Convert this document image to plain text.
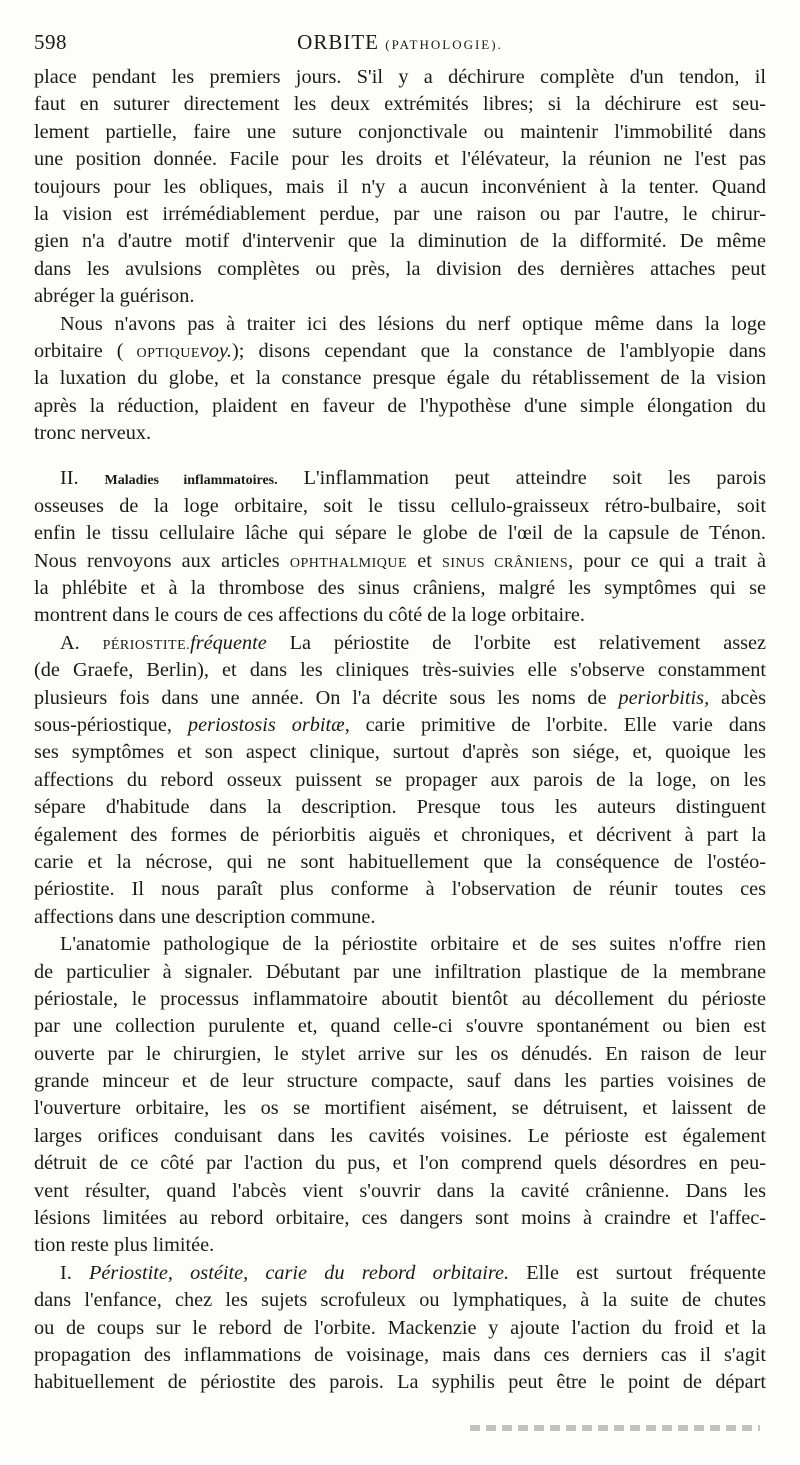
598	ORBITE (PATHOLOGIE).
place pendant les premiers jours. S'il y a déchirure complète d'un tendon, il
faut en suturer directement les deux extrémités libres; si la déchirure est seu-
lement partielle, faire une suture conjonctivale ou maintenir l'immobilité dans
une position donnée. Facile pour les droits et l'élévateur, la réunion ne l'est pas
toujours pour les obliques, mais il n'y a aucun inconvénient à la tenter. Quand
la vision est irrémédiablement perdue, par une raison ou par l'autre, le chirur-
gien n'a d'autre motif d'intervenir que la diminution de la difformité. De même
dans les avulsions complètes ou près, la division des dernières attaches peut
abréger la guérison.
Nous n'avons pas à traiter ici des lésions du nerf optique même dans la loge
orbitaire ( OPTIQUEvoy.); disons cependant que la constance de l'amblyopie dans
la luxation du globe, et la constance presque égale du rétablissement de la vision
après la réduction, plaident en faveur de l'hypothèse d'une simple élongation du
tronc nerveux.
II. Maladies inflammatoires. L'inflammation peut atteindre soit les parois
osseuses de la loge orbitaire, soit le tissu cellulo-graisseux rétro-bulbaire, soit
enfin le tissu cellulaire lâche qui sépare le globe de l'œil de la capsule de Ténon.
Nous renvoyons aux articles OPHTHALMIQUE et SINUS CRÂNIENS, pour ce qui a trait à
la phlébite et à la thrombose des sinus crâniens, malgré les symptômes qui se
montrent dans le cours de ces affections du côté de la loge orbitaire.
A. PÉRIOSTITE.fréquente La périostite de l'orbite est relativement assez
(de Graefe, Berlin), et dans les cliniques très-suivies elle s'observe constamment
plusieurs fois dans une année. On l'a décrite sous les noms de periorbitis, abcès
sous-périostique, periostosis orbitæ, carie primitive de l'orbite. Elle varie dans
ses symptômes et son aspect clinique, surtout d'après son siége, et, quoique les
affections du rebord osseux puissent se propager aux parois de la loge, on les
sépare d'habitude dans la description. Presque tous les auteurs distinguent
également des formes de périorbitis aiguës et chroniques, et décrivent à part la
carie et la nécrose, qui ne sont habituellement que la conséquence de l'ostéo-
périostite. Il nous paraît plus conforme à l'observation de réunir toutes ces
affections dans une description commune.
L'anatomie pathologique de la périostite orbitaire et de ses suites n'offre rien
de particulier à signaler. Débutant par une infiltration plastique de la membrane
périostale, le processus inflammatoire aboutit bientôt au décollement du périoste
par une collection purulente et, quand celle-ci s'ouvre spontanément ou bien est
ouverte par le chirurgien, le stylet arrive sur les os dénudés. En raison de leur
grande minceur et de leur structure compacte, sauf dans les parties voisines de
l'ouverture orbitaire, les os se mortifient aisément, se détruisent, et laissent de
larges orifices conduisant dans les cavités voisines. Le périoste est également
détruit de ce côté par l'action du pus, et l'on comprend quels désordres en peu-
vent résulter, quand l'abcès vient s'ouvrir dans la cavité crânienne. Dans les
lésions limitées au rebord orbitaire, ces dangers sont moins à craindre et l'affec-
tion reste plus limitée.
I. Périostite, ostéite, carie du rebord orbitaire. Elle est surtout fréquente
dans l'enfance, chez les sujets scrofuleux ou lymphatiques, à la suite de chutes
ou de coups sur le rebord de l'orbite. Mackenzie y ajoute l'action du froid et la
propagation des inflammations de voisinage, mais dans ces derniers cas il s'agit
habituellement de périostite des parois. La syphilis peut être le point de départ
